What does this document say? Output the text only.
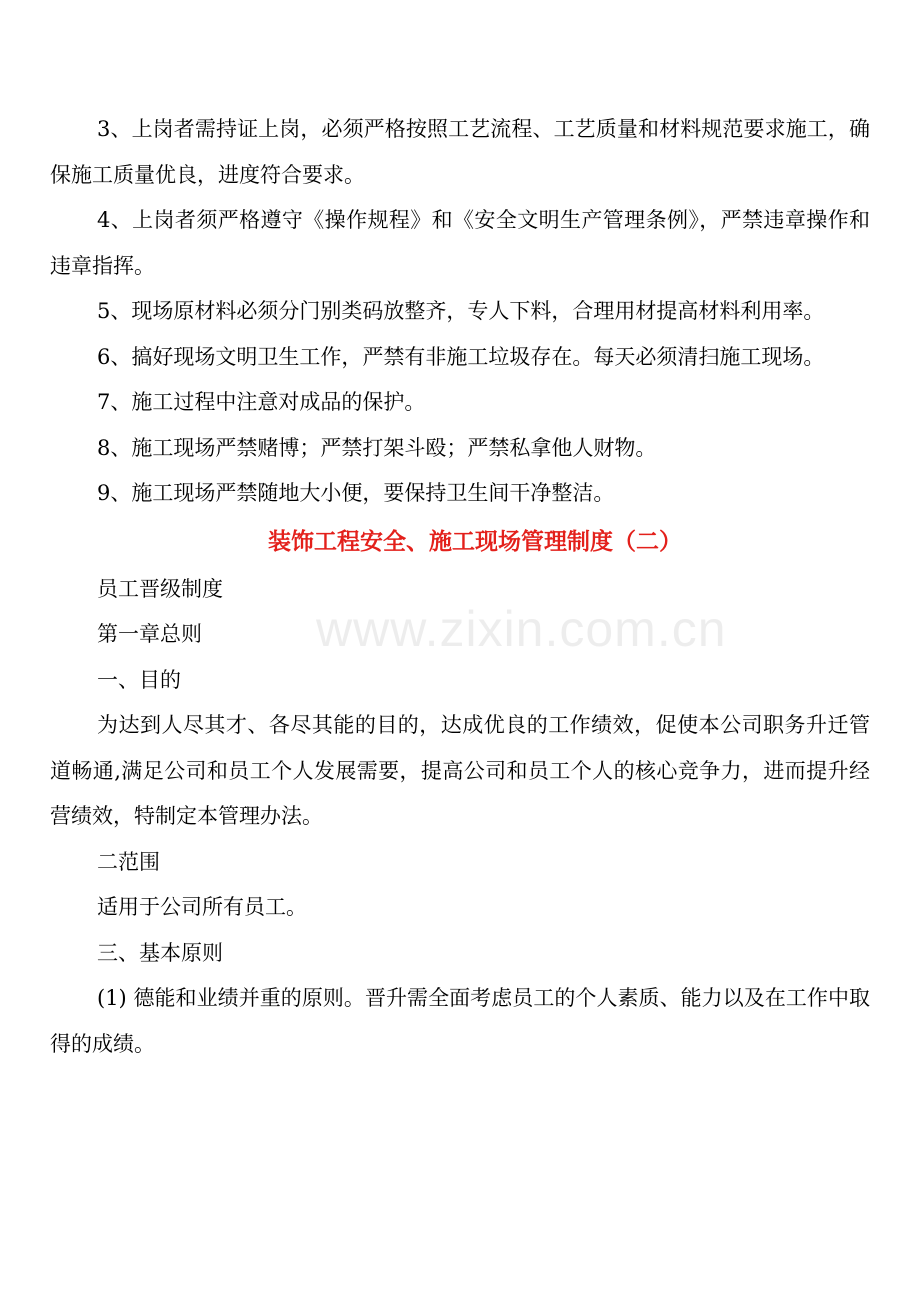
www.zixin.com.cn

3、上岗者需持证上岗，必须严格按照工艺流程、工艺质量和材料规范要求施工，确保施工质量优良，进度符合要求。

4、上岗者须严格遵守《操作规程》和《安全文明生产管理条例》，严禁违章操作和违章指挥。

5、现场原材料必须分门别类码放整齐，专人下料，合理用材提高材料利用率。

6、搞好现场文明卫生工作，严禁有非施工垃圾存在。每天必须清扫施工现场。

7、施工过程中注意对成品的保护。

8、施工现场严禁赌博；严禁打架斗殴；严禁私拿他人财物。

9、施工现场严禁随地大小便，要保持卫生间干净整洁。

装饰工程安全、施工现场管理制度（二）

员工晋级制度

第一章总则

一、目的

为达到人尽其才、各尽其能的目的，达成优良的工作绩效，促使本公司职务升迁管道畅通,满足公司和员工个人发展需要，提高公司和员工个人的核心竞争力，进而提升经营绩效，特制定本管理办法。

二范围

适用于公司所有员工。

三、基本原则

(1) 德能和业绩并重的原则。晋升需全面考虑员工的个人素质、能力以及在工作中取得的成绩。
